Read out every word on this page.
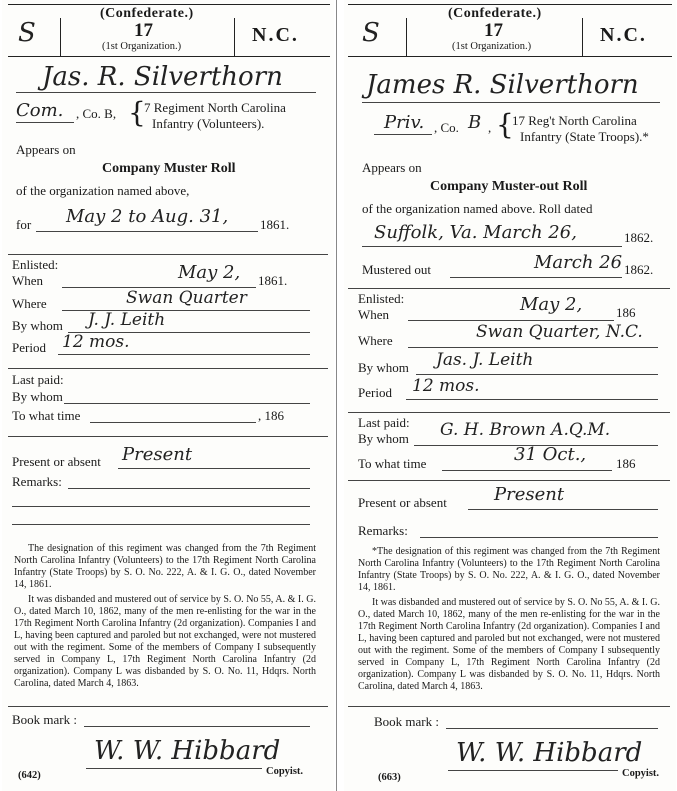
S
(Confederate.)
17
(1st Organization.)
N.C.
Jas. R. Silverthorn
Com. , Co. B, {
7 Regiment North Carolina
Infantry (Volunteers).
Appears on
Company Muster Roll
of the organization named above,
for May 2 to Aug. 31, 1861.
Enlisted:
When	May 2, 1861.
Where	Swan Quarter
By whom J. J. Leith
Period 12 mos.
Last paid:
By whom
To what time	, 186
Present or absent Present
Remarks:

The designation of this regiment was changed from the 7th Regiment North Carolina Infantry (Volunteers) to the 17th Regiment North Carolina Infantry (State Troops) by S. O. No. 222, A. & I. G. O., dated November 14, 1861.

It was disbanded and mustered out of service by S. O. No 55, A. & I. G. O., dated March 10, 1862, many of the men re-enlisting for the war in the 17th Regiment North Carolina Infantry (2d organization). Companies I and L, having been captured and paroled but not exchanged, were not mustered out with the regiment. Some of the members of Company I subsequently served in Company L, 17th Regiment North Carolina Infantry (2d organization). Company L was disbanded by S. O. No. 11, Hdqrs. North Carolina, dated March 4, 1863.

Book mark :
W. W. Hibbard
(642)	Copyist.
S
(Confederate.)
17
(1st Organization.)
N.C.
James R. Silverthorn
Priv. , Co. B , {
17 Reg't North Carolina
Infantry (State Troops).*
Appears on
Company Muster-out Roll
of the organization named above. Roll dated
Suffolk, Va. March 26,	1862.
Mustered out	March 26 1862.
Enlisted:
When	May 2,	186
Where	Swan Quarter, N.C.
By whom Jas. J. Leith
Period 12 mos.
Last paid:
By whom G. H. Brown A.Q.M.
To what time	31 Oct., 186
Present or absent	Present
Remarks:

*The designation of this regiment was changed from the 7th Regiment North Carolina Infantry (Volunteers) to the 17th Regiment North Carolina Infantry (State Troops) by S. O. No. 222, A. & I. G. O., dated November 14, 1861.

It was disbanded and mustered out of service by S. O. No 55, A. & I. G. O., dated March 10, 1862, many of the men re-enlisting for the war in the 17th Regiment North Carolina Infantry (2d organization). Companies I and L, having been captured and paroled but not exchanged, were not mustered out with the regiment. Some of the members of Company I subsequently served in Company L, 17th Regiment North Carolina Infantry (2d organization). Company L was disbanded by S. O. No. 11, Hdqrs. North Carolina, dated March 4, 1863.

Book mark :
W. W. Hibbard
(663)	Copyist.
